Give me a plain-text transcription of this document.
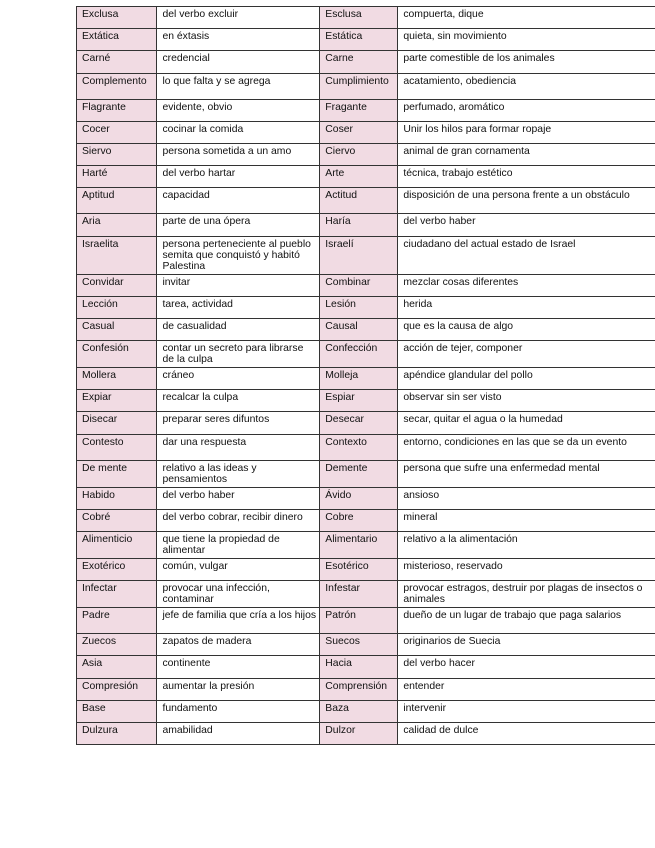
Exclusa	del verbo excluir	Esclusa	compuerta, dique
Extática	en éxtasis	Estática	quieta, sin movimiento
Carné	credencial	Carne	parte comestible de los animales
Complemento	lo que falta y se agrega	Cumplimiento	acatamiento, obediencia
Flagrante	evidente, obvio	Fragante	perfumado, aromático
Cocer	cocinar la comida	Coser	Unir los hilos para formar ropaje
Siervo	persona sometida a un amo	Ciervo	animal de gran cornamenta
Harté	del verbo hartar	Arte	técnica, trabajo estético
Aptitud	capacidad	Actitud	disposición de una persona frente a un obstáculo
Aria	parte de una ópera	Haría	del verbo haber
Israelita	persona perteneciente al pueblo semita que conquistó y habitó Palestina	Israelí	ciudadano del actual estado de Israel
Convidar	invitar	Combinar	mezclar cosas diferentes
Lección	tarea, actividad	Lesión	herida
Casual	de casualidad	Causal	que es la causa de algo
Confesión	contar un secreto para librarse de la culpa	Confección	acción de tejer, componer
Mollera	cráneo	Molleja	apéndice glandular del pollo
Expiar	recalcar la culpa	Espiar	observar sin ser visto
Disecar	preparar seres difuntos	Desecar	secar, quitar el agua o la humedad
Contesto	dar una respuesta	Contexto	entorno, condiciones en las que se da un evento
De mente	relativo a las ideas y pensamientos	Demente	persona que sufre una enfermedad mental
Habido	del verbo haber	Ávido	ansioso
Cobré	del verbo cobrar, recibir dinero	Cobre	mineral
Alimenticio	que tiene la propiedad de alimentar	Alimentario	relativo a la alimentación
Exotérico	común, vulgar	Esotérico	misterioso, reservado
Infectar	provocar una infección, contaminar	Infestar	provocar estragos, destruir por plagas de insectos o animales
Padre	jefe de familia que cría a los hijos	Patrón	dueño de un lugar de trabajo que paga salarios
Zuecos	zapatos de madera	Suecos	originarios de Suecia
Asia	continente	Hacia	del verbo hacer
Compresión	aumentar la presión	Comprensión	entender
Base	fundamento	Baza	intervenir
Dulzura	amabilidad	Dulzor	calidad de dulce
